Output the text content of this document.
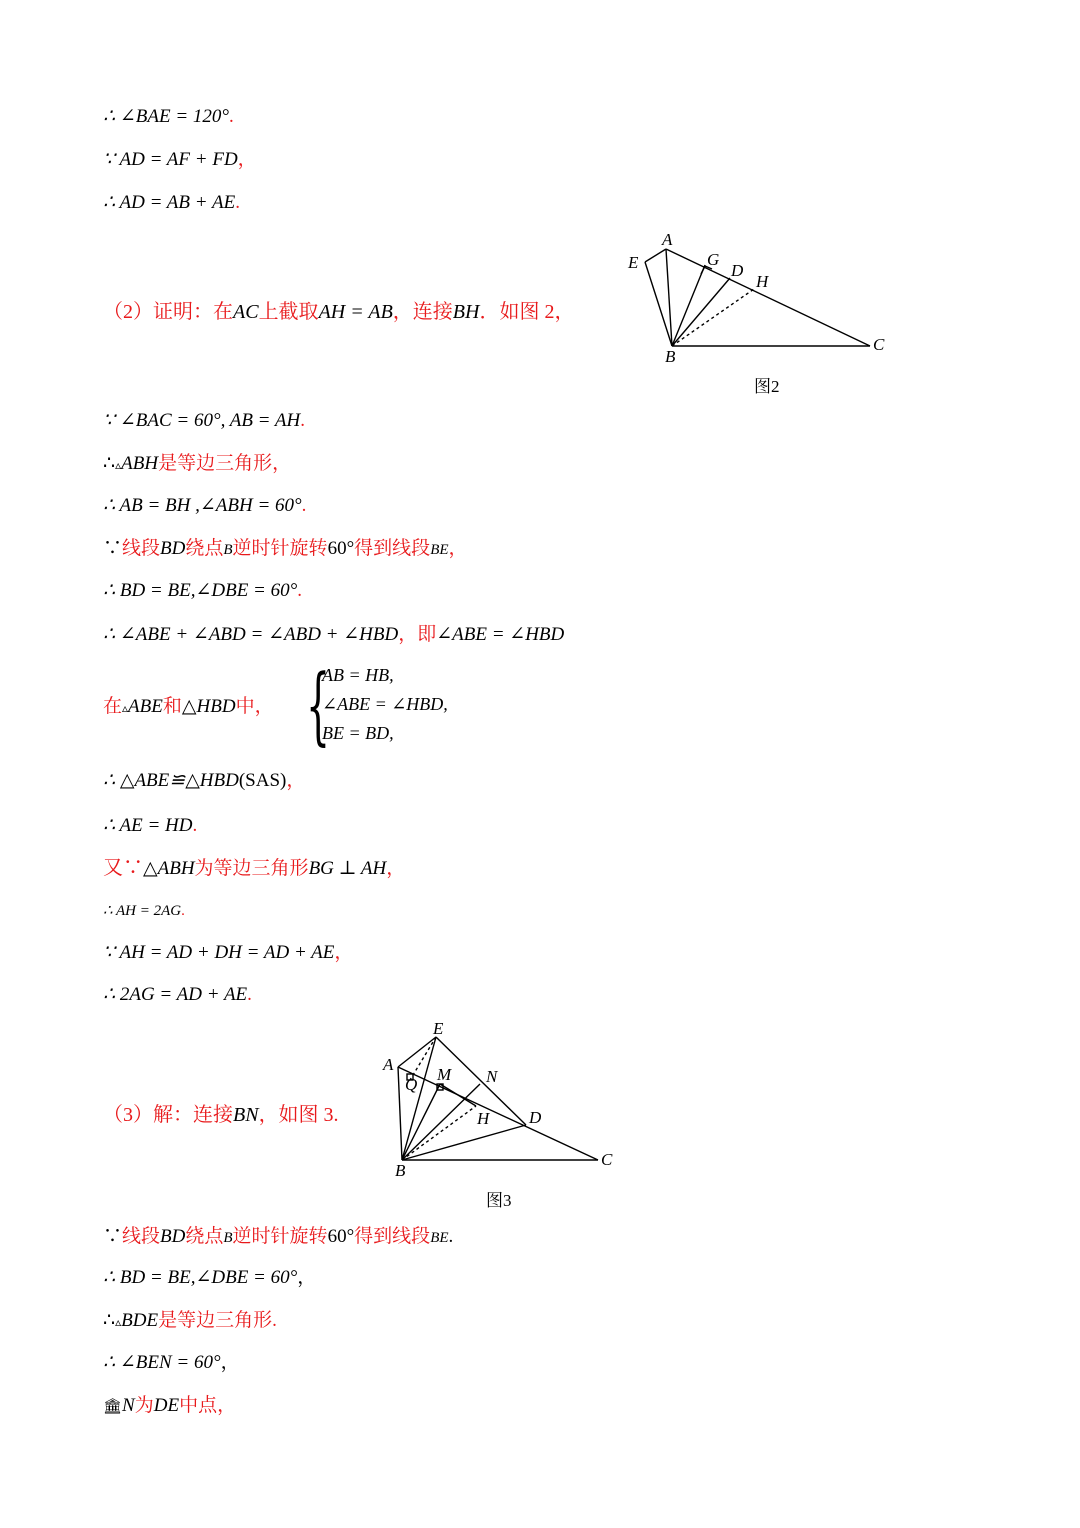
∴ ∠BAE = 120°.
∵ AD = AF + FD，
∴ AD = AB + AE.
（2）证明：在AC上截取AH = AB，连接BH．如图 2，
∵ ∠BAC = 60°, AB = AH.
∴▵ABH是等边三角形，
∴ AB = BH ,∠ABH = 60°.
∵线段BD绕点B逆时针旋转60°得到线段BE，
∴ BD = BE,∠DBE = 60°.
∴ ∠ABE + ∠ABD = ∠ABD + ∠HBD，即∠ABE = ∠HBD
在▵ABE和△HBD中， {
AB = HB,
∠ABE = ∠HBD,
BE = BD,
∴ △ABE≌△HBD(SAS)，
∴ AE = HD.
又∵△ABH为等边三角形BG ⊥ AH，
∴ AH = 2AG.
∵ AH = AD + DH = AD + AE，
∴ 2AG = AD + AE.
（3）解：连接BN，如图 3.
∵线段BD绕点B逆时针旋转60°得到线段BE.
∴ BD = BE,∠DBE = 60°，
∴▵BDE是等边三角形.
∴ ∠BEN = 60°，
🏛N为DE中点，
A
E	G
D
H
B
C
E
A
Q
M N
H D
B
C
图2
图3
